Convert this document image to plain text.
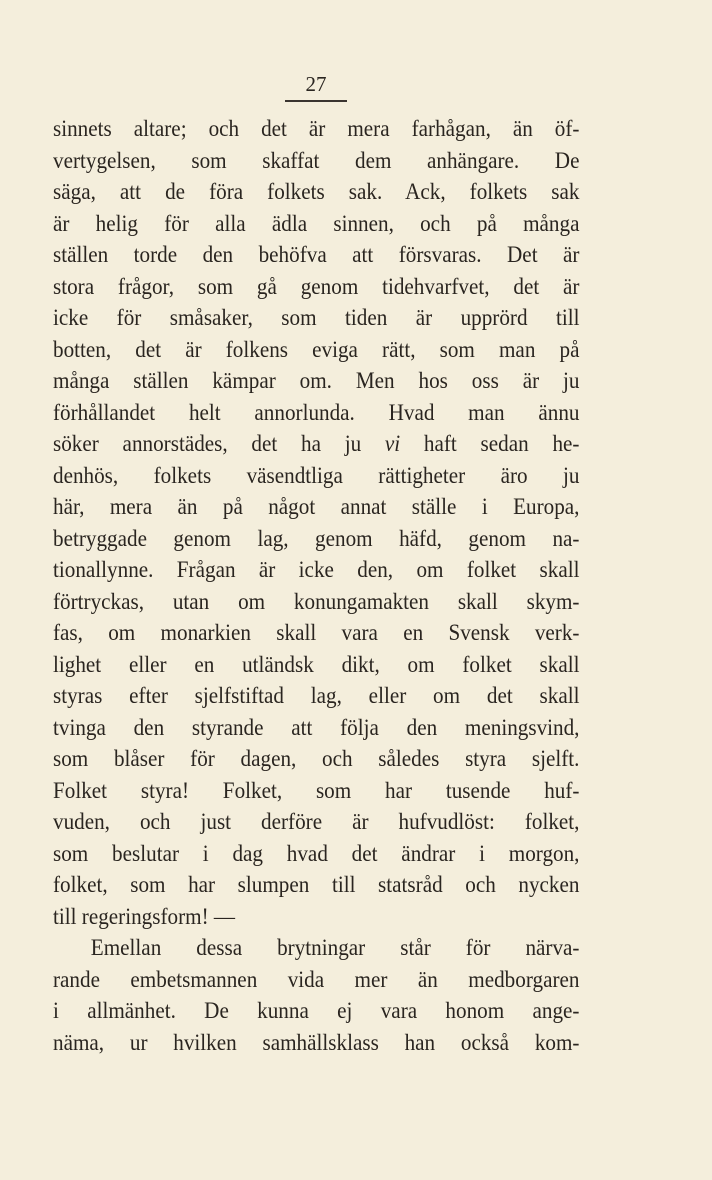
27
sinnets altare; och det är mera farhågan, än öf-
vertygelsen, som skaffat dem anhängare. De
säga, att de föra folkets sak. Ack, folkets sak
är helig för alla ädla sinnen, och på många
ställen torde den behöfva att försvaras. Det är
stora frågor, som gå genom tidehvarfvet, det är
icke för småsaker, som tiden är upprörd till
botten, det är folkens eviga rätt, som man på
många ställen kämpar om. Men hos oss är ju
förhållandet helt annorlunda. Hvad man ännu
söker annorstädes, det ha ju vi haft sedan he-
denhös, folkets väsendtliga rättigheter äro ju
här, mera än på något annat ställe i Europa,
betryggade genom lag, genom häfd, genom na-
tionallynne. Frågan är icke den, om folket skall
förtryckas, utan om konungamakten skall skym-
fas, om monarkien skall vara en Svensk verk-
lighet eller en utländsk dikt, om folket skall
styras efter sjelfstiftad lag, eller om det skall
tvinga den styrande att följa den meningsvind,
som blåser för dagen, och således styra sjelft.
Folket styra! Folket, som har tusende huf-
vuden, och just derföre är hufvudlöst: folket,
som beslutar i dag hvad det ändrar i morgon,
folket, som har slumpen till statsråd och nycken
till regeringsform! —
Emellan dessa brytningar står för närva-
rande embetsmannen vida mer än medborgaren
i allmänhet. De kunna ej vara honom ange-
näma, ur hvilken samhällsklass han också kom-
